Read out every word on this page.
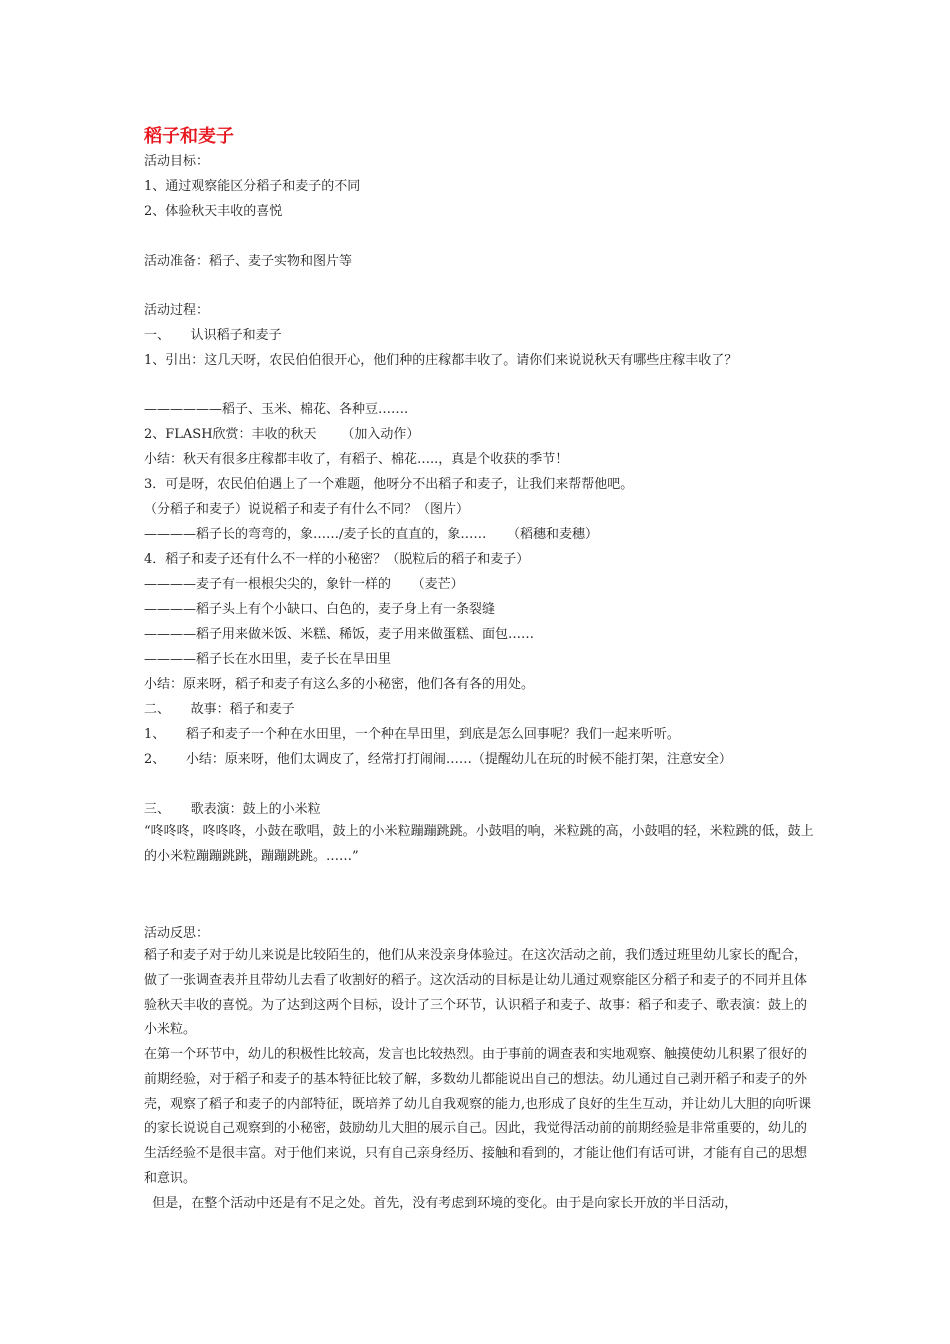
稻子和麦子
活动目标：
1、通过观察能区分稻子和麦子的不同
2、体验秋天丰收的喜悦
活动准备：稻子、麦子实物和图片等
活动过程：
一、     认识稻子和麦子
1、引出：这几天呀，农民伯伯很开心，他们种的庄稼都丰收了。请你们来说说秋天有哪些庄稼丰收了？
——————稻子、玉米、棉花、各种豆…….
2、FLASH欣赏：丰收的秋天      （加入动作）
小结：秋天有很多庄稼都丰收了，有稻子、棉花…..，真是个收获的季节！
3．可是呀，农民伯伯遇上了一个难题，他呀分不出稻子和麦子，让我们来帮帮他吧。
（分稻子和麦子）说说稻子和麦子有什么不同？（图片）
————稻子长的弯弯的，象……/麦子长的直直的，象……     （稻穗和麦穗）
4．稻子和麦子还有什么不一样的小秘密？（脱粒后的稻子和麦子）
————麦子有一根根尖尖的，象针一样的     （麦芒）
————稻子头上有个小缺口、白色的，麦子身上有一条裂缝
————稻子用来做米饭、米糕、稀饭，麦子用来做蛋糕、面包……
————稻子长在水田里，麦子长在旱田里
小结：原来呀，稻子和麦子有这么多的小秘密，他们各有各的用处。
二、     故事：稻子和麦子
1、     稻子和麦子一个种在水田里，一个种在旱田里，到底是怎么回事呢？我们一起来听听。
2、     小结：原来呀，他们太调皮了，经常打打闹闹……（提醒幼儿在玩的时候不能打架，注意安全）
三、     歌表演：鼓上的小米粒
“咚咚咚，咚咚咚，小鼓在歌唱，鼓上的小米粒蹦蹦跳跳。小鼓唱的响，米粒跳的高，小鼓唱的轻，米粒跳的低，鼓上的小米粒蹦蹦跳跳，蹦蹦跳跳。……”
活动反思：
稻子和麦子对于幼儿来说是比较陌生的，他们从来没亲身体验过。在这次活动之前，我们透过班里幼儿家长的配合，做了一张调查表并且带幼儿去看了收割好的稻子。这次活动的目标是让幼儿通过观察能区分稻子和麦子的不同并且体验秋天丰收的喜悦。为了达到这两个目标，设计了三个环节，认识稻子和麦子、故事：稻子和麦子、歌表演：鼓上的小米粒。
在第一个环节中，幼儿的积极性比较高，发言也比较热烈。由于事前的调查表和实地观察、触摸使幼儿积累了很好的前期经验，对于稻子和麦子的基本特征比较了解，多数幼儿都能说出自己的想法。幼儿通过自己剥开稻子和麦子的外壳，观察了稻子和麦子的内部特征，既培养了幼儿自我观察的能力,也形成了良好的生生互动，并让幼儿大胆的向听课的家长说说自己观察到的小秘密，鼓励幼儿大胆的展示自己。因此，我觉得活动前的前期经验是非常重要的，幼儿的生活经验不是很丰富。对于他们来说，只有自己亲身经历、接触和看到的，才能让他们有话可讲，才能有自己的思想和意识。
但是，在整个活动中还是有不足之处。首先，没有考虑到环境的变化。由于是向家长开放的半日活动，
